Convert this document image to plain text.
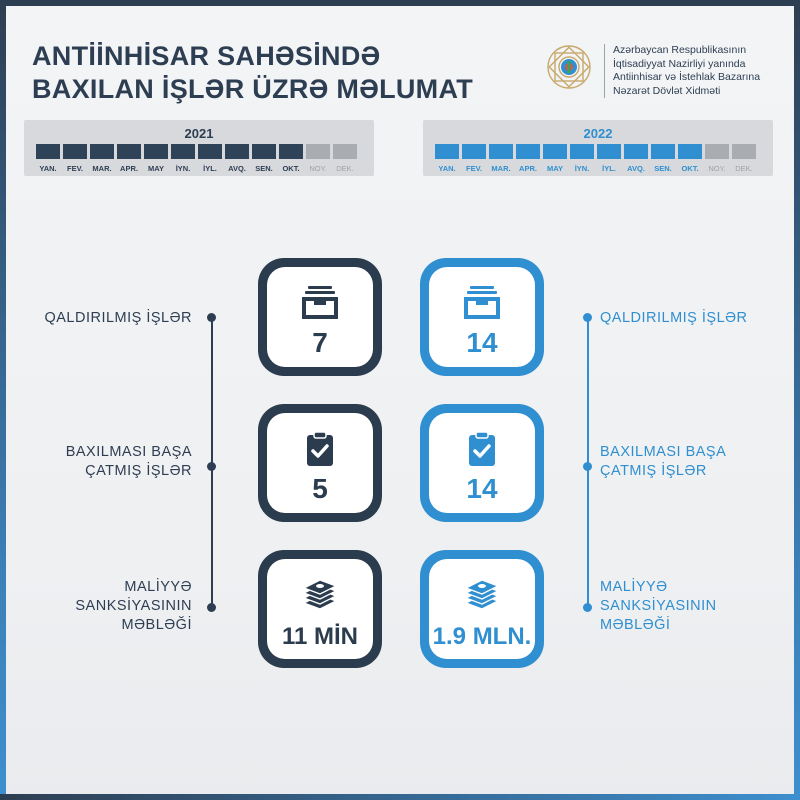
ANTİİNHİSAR SAHƏSİNDƏ
BAXILAN İŞLƏR ÜZRƏ MƏLUMAT
Azərbaycan Respublikasının
İqtisadiyyat Nazirliyi yanında
Antiinhisar və İstehlak Bazarına
Nəzarət Dövlət Xidməti
2021
YAN.	FEV.	MAR.	APR.	MAY	İYN.	İYL.	AVQ.	SEN.	OKT.	NOY.	DEK.
2022
YAN.	FEV.	MAR.	APR.	MAY	İYN.	İYL.	AVQ.	SEN.	OKT.	NOY.	DEK.
QALDIRILMIŞ İŞLƏR
BAXILMASI BAŞA
ÇATMIŞ İŞLƏR
MALİYYƏ
SANKSİYASININ
MƏBLƏĞİ
QALDIRILMIŞ İŞLƏR
BAXILMASI BAŞA
ÇATMIŞ İŞLƏR
MALİYYƏ
SANKSİYASININ
MƏBLƏĞİ
7
5
11 MİN
14
14
1.9 MLN.
